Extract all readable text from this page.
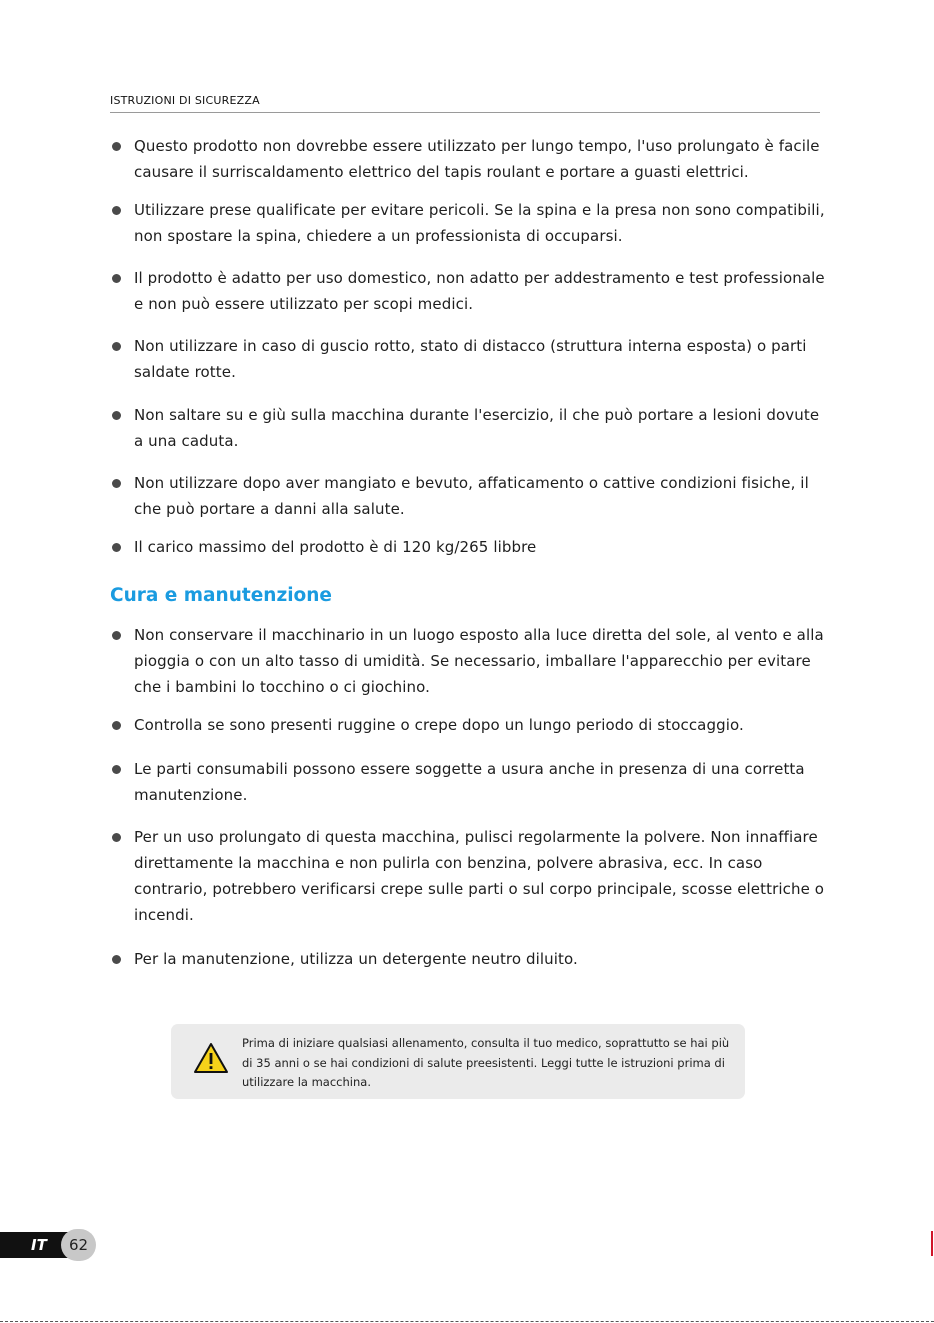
ISTRUZIONI DI SICUREZZA
Questo prodotto non dovrebbe essere utilizzato per lungo tempo, l'uso prolungato è facile causare il surriscaldamento elettrico del tapis roulant e portare a guasti elettrici.
Utilizzare prese qualificate per evitare pericoli. Se la spina e la presa non sono compatibili, non spostare la spina, chiedere a un professionista di occuparsi.
Il prodotto è adatto per uso domestico, non adatto per addestramento e test professionale e non può essere utilizzato per scopi medici.
Non utilizzare in caso di guscio rotto, stato di distacco (struttura interna esposta) o parti saldate rotte.
Non saltare su e giù sulla macchina durante l'esercizio, il che può portare a lesioni dovute a una caduta.
Non utilizzare dopo aver mangiato e bevuto, affaticamento o cattive condizioni fisiche, il che può portare a danni alla salute.
Il carico massimo del prodotto è di 120 kg/265 libbre
Cura e manutenzione
Non conservare il macchinario in un luogo esposto alla luce diretta del sole, al vento e alla pioggia o con un alto tasso di umidità. Se necessario, imballare l'apparecchio per evitare che i bambini lo tocchino o ci giochino.
Controlla se sono presenti ruggine o crepe dopo un lungo periodo di stoccaggio.
Le parti consumabili possono essere soggette a usura anche in presenza di una corretta manutenzione.
Per un uso prolungato di questa macchina, pulisci regolarmente la polvere. Non innaffiare direttamente la macchina e non pulirla con benzina, polvere abrasiva, ecc. In caso contrario, potrebbero verificarsi crepe sulle parti o sul corpo principale, scosse elettriche o incendi.
Per la manutenzione, utilizza un detergente neutro diluito.
Prima di iniziare qualsiasi allenamento, consulta il tuo medico, soprattutto se hai più di 35 anni o se hai condizioni di salute preesistenti. Leggi tutte le istruzioni prima di utilizzare la macchina.
IT	62
